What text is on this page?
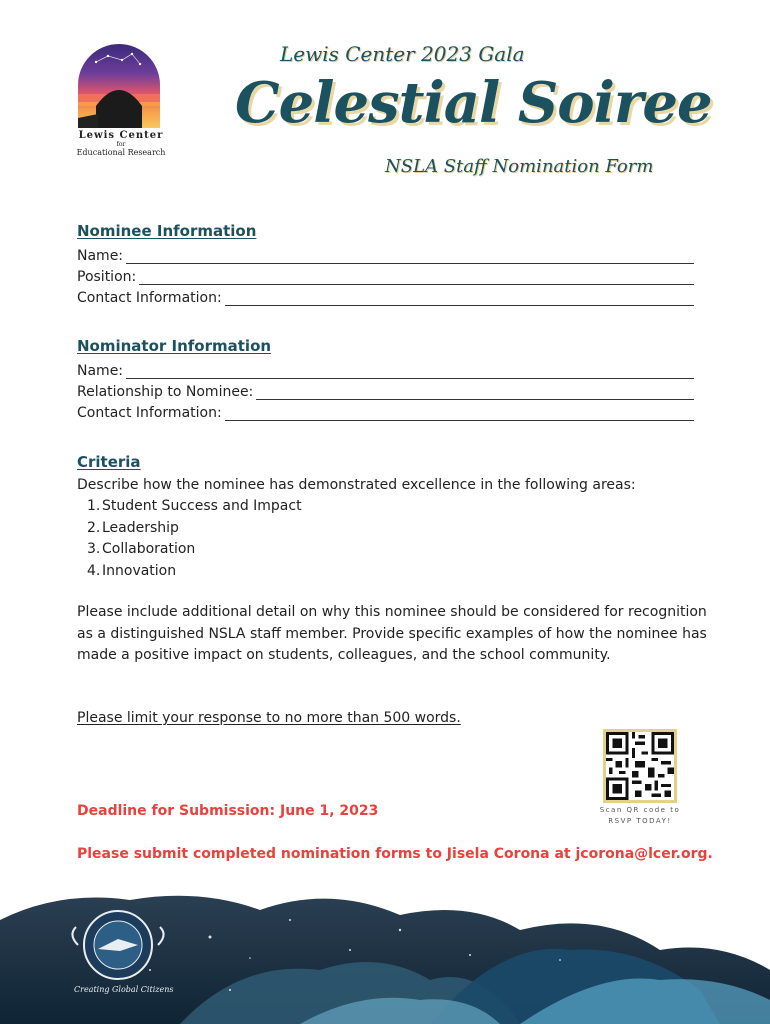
Lewis Center
for
Educational Research
Lewis Center 2023 Gala
Celestial Soiree
NSLA Staff Nomination Form
Nominee Information
Name:
Position:
Contact Information:
Nominator Information
Name:
Relationship to Nominee:
Contact Information:
Criteria
Describe how the nominee has demonstrated excellence in the following areas:
1. Student Success and Impact
2. Leadership
3. Collaboration
4. Innovation
Please include additional detail on why this nominee should be considered for recognition as a distinguished NSLA staff member. Provide specific examples of how the nominee has made a positive impact on students, colleagues, and the school community.
Please limit your response to no more than 500 words.
Scan QR code to
RSVP TODAY!
Deadline for Submission: June 1, 2023
Please submit completed nomination forms to Jisela Corona at jcorona@lcer.org.
Creating Global Citizens
